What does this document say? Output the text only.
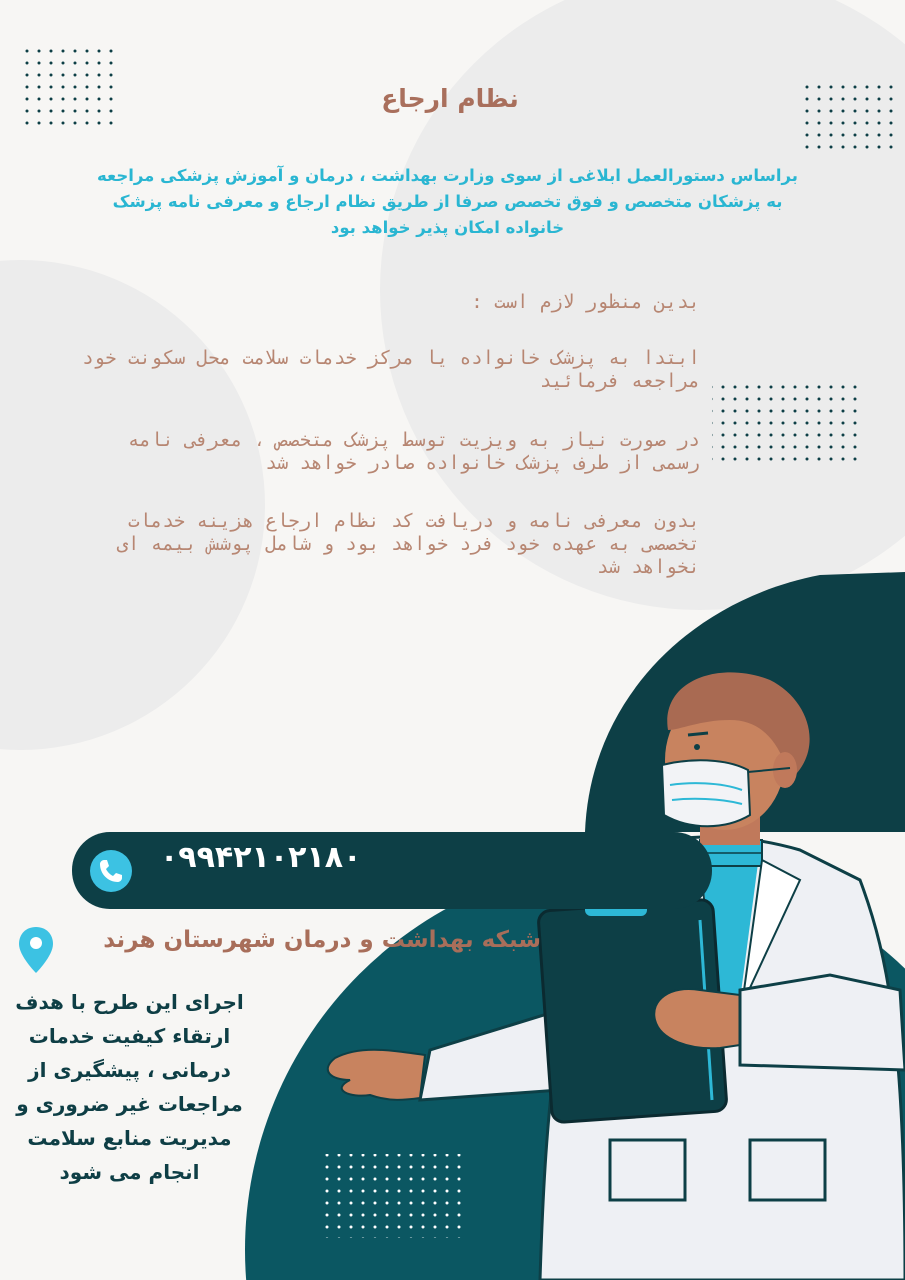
نظام ارجاع
براساس دستورالعمل ابلاغی از سوی وزارت بهداشت ، درمان و آموزش پزشکی مراجعه به پزشکان متخصص و فوق تخصص صرفا از طریق نظام ارجاع و معرفی نامه پزشک خانواده امکان پذیر خواهد بود
بدین منظور لازم است :
ابتدا به پزشک خانواده یا مرکز خدمات سلامت محل سکونت خود مراجعه فرمائید
در صورت نیاز به ویزیت توسط پزشک متخصص ، معرفی نامه رسمی از طرف پزشک خانواده صادر خواهد شد
بدون معرفی نامه و دریافت کد نظام ارجاع هزینه خدمات تخصصی به عهده خود فرد خواهد بود و شامل پوشش بیمه ای نخواهد شد
۰۹۹۴۲۱۰۲۱۸۰
شبکه بهداشت و درمان شهرستان هرند
اجرای این طرح با هدف ارتقاء کیفیت خدمات درمانی ، پیشگیری از مراجعات غیر ضروری و مدیریت منابع سلامت انجام می شود
